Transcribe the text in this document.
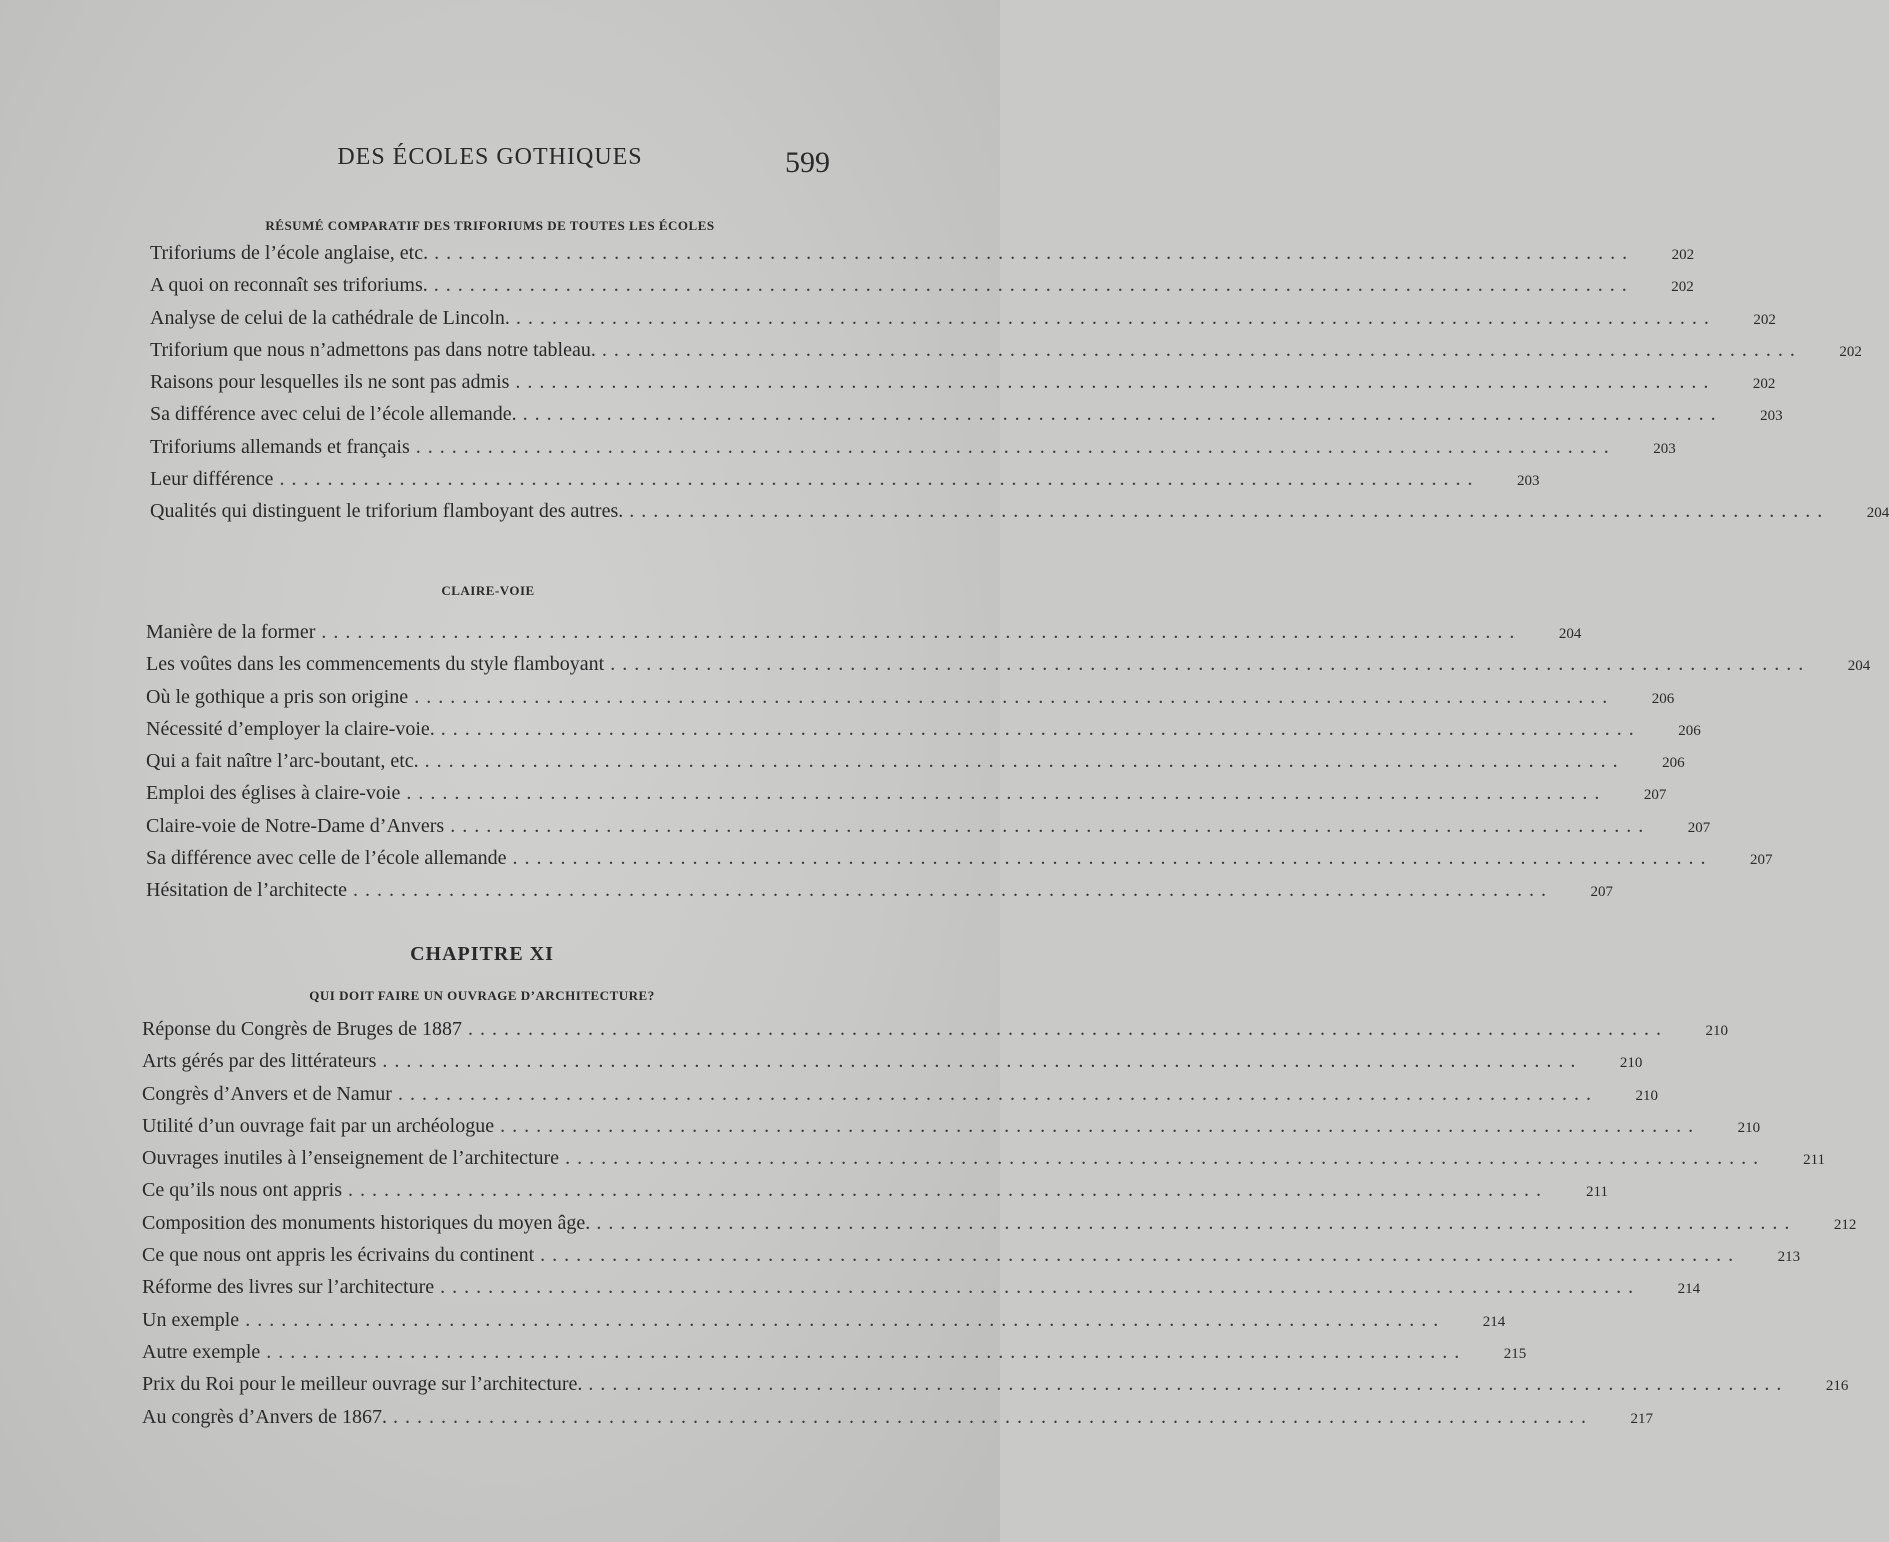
DES ÉCOLES GOTHIQUES	599
RÉSUMÉ COMPARATIF DES TRIFORIUMS DE TOUTES LES ÉCOLES
Triforiums de l’école anglaise, etc. ....................................................................................................	202
A quoi on reconnaît ses triforiums. ....................................................................................................	202
Analyse de celui de la cathédrale de Lincoln. ....................................................................................................	202
Triforium que nous n’admettons pas dans notre tableau. ....................................................................................................	202
Raisons pour lesquelles ils ne sont pas admis ....................................................................................................	202
Sa différence avec celui de l’école allemande. ....................................................................................................	203
Triforiums allemands et français ....................................................................................................	203
Leur différence ....................................................................................................	203
Qualités qui distinguent le triforium flamboyant des autres. ....................................................................................................	204
CLAIRE-VOIE
Manière de la former ....................................................................................................	204
Les voûtes dans les commencements du style flamboyant ....................................................................................................	204
Où le gothique a pris son origine ....................................................................................................	206
Nécessité d’employer la claire-voie. ....................................................................................................	206
Qui a fait naître l’arc-boutant, etc. ....................................................................................................	206
Emploi des églises à claire-voie ....................................................................................................	207
Claire-voie de Notre-Dame d’Anvers ....................................................................................................	207
Sa différence avec celle de l’école allemande ....................................................................................................	207
Hésitation de l’architecte ....................................................................................................	207
CHAPITRE XI
QUI DOIT FAIRE UN OUVRAGE D’ARCHITECTURE?
Réponse du Congrès de Bruges de 1887 ....................................................................................................	210
Arts gérés par des littérateurs ....................................................................................................	210
Congrès d’Anvers et de Namur ....................................................................................................	210
Utilité d’un ouvrage fait par un archéologue ....................................................................................................	210
Ouvrages inutiles à l’enseignement de l’architecture ....................................................................................................	211
Ce qu’ils nous ont appris ....................................................................................................	211
Composition des monuments historiques du moyen âge. ....................................................................................................	212
Ce que nous ont appris les écrivains du continent ....................................................................................................	213
Réforme des livres sur l’architecture ....................................................................................................	214
Un exemple ....................................................................................................	214
Autre exemple ....................................................................................................	215
Prix du Roi pour le meilleur ouvrage sur l’architecture. ....................................................................................................	216
Au congrès d’Anvers de 1867. ....................................................................................................	217
